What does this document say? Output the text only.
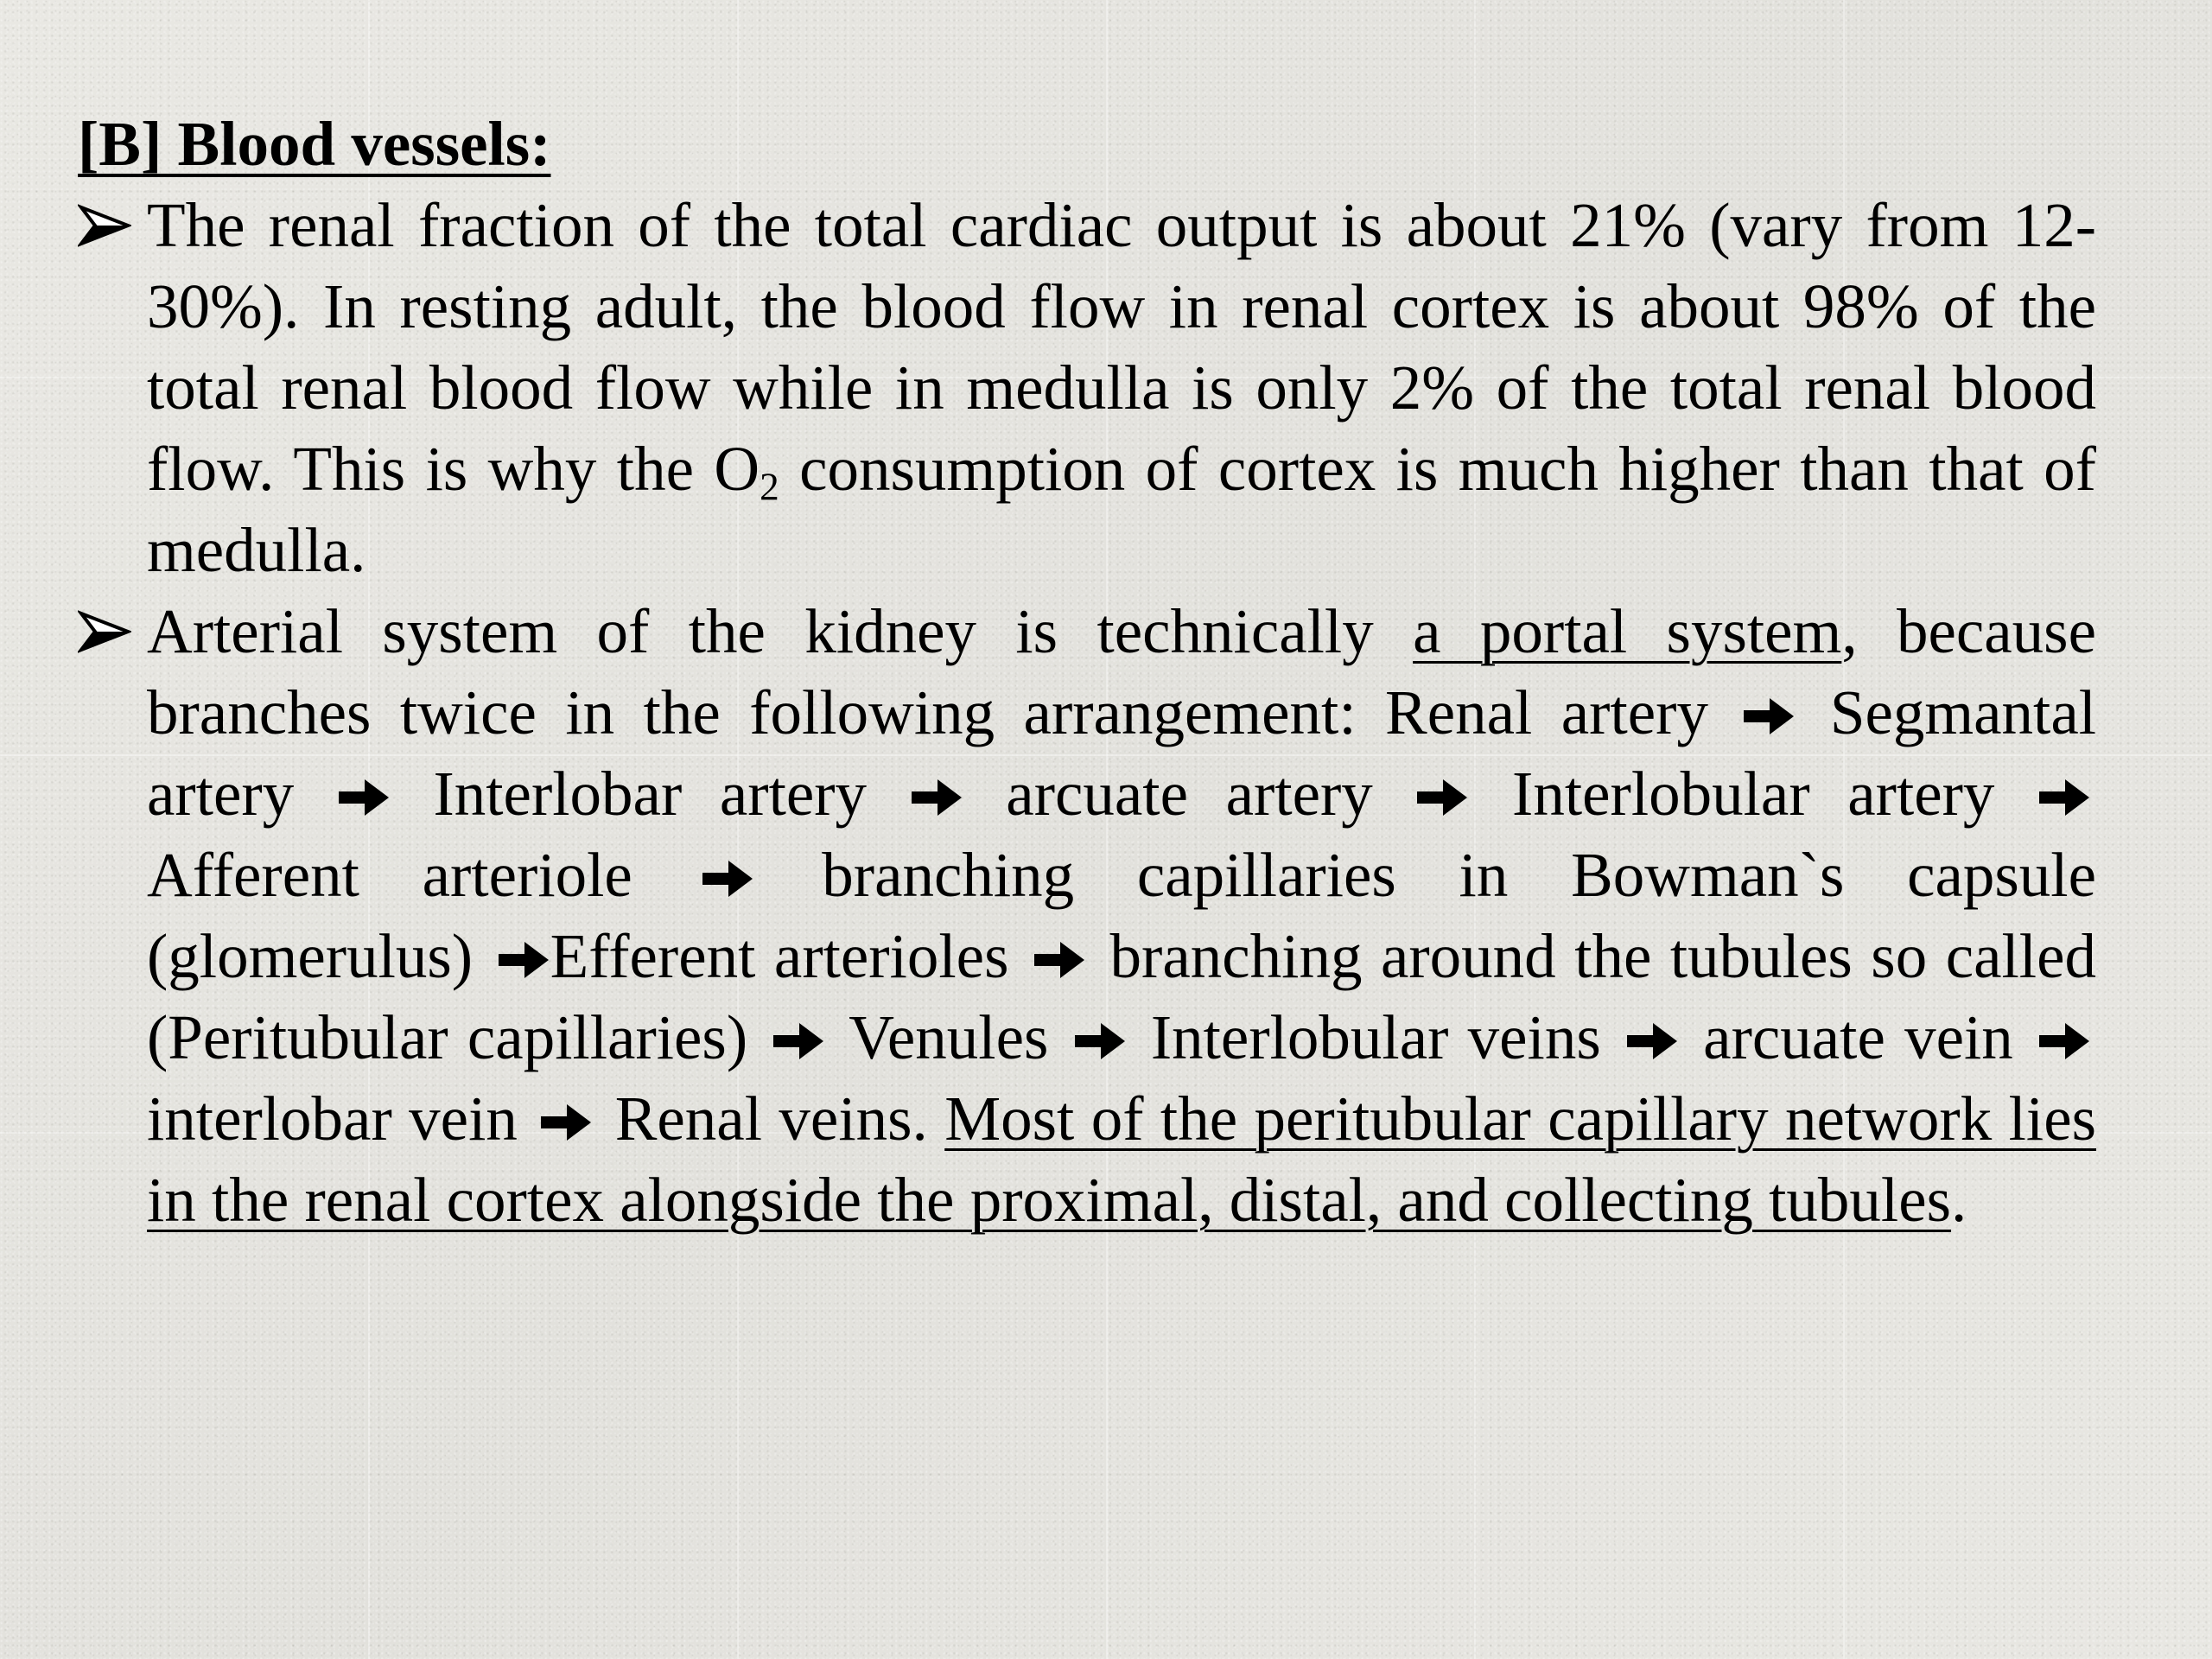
[B] Blood vessels:
The renal fraction of the total cardiac output is about 21% (vary from 12-30%). In resting adult, the blood flow in renal cortex is about 98% of the total renal blood flow while in medulla is only 2% of the total renal blood flow. This is why the $O_2$ consumption of cortex is much higher than that of medulla.
Arterial system of the kidney is technically a portal system, because branches twice in the following arrangement: Renal artery  Segmantal artery  Interlobar artery  arcuate artery  Interlobular artery  Afferent arteriole  branching capillaries in Bowman`s capsule (glomerulus) Efferent arterioles  branching around the tubules so called (Peritubular capillaries)  Venules  Interlobular veins  arcuate vein  interlobar vein  Renal veins. Most of the peritubular capillary network lies in the renal cortex alongside the proximal, distal, and collecting tubules.
